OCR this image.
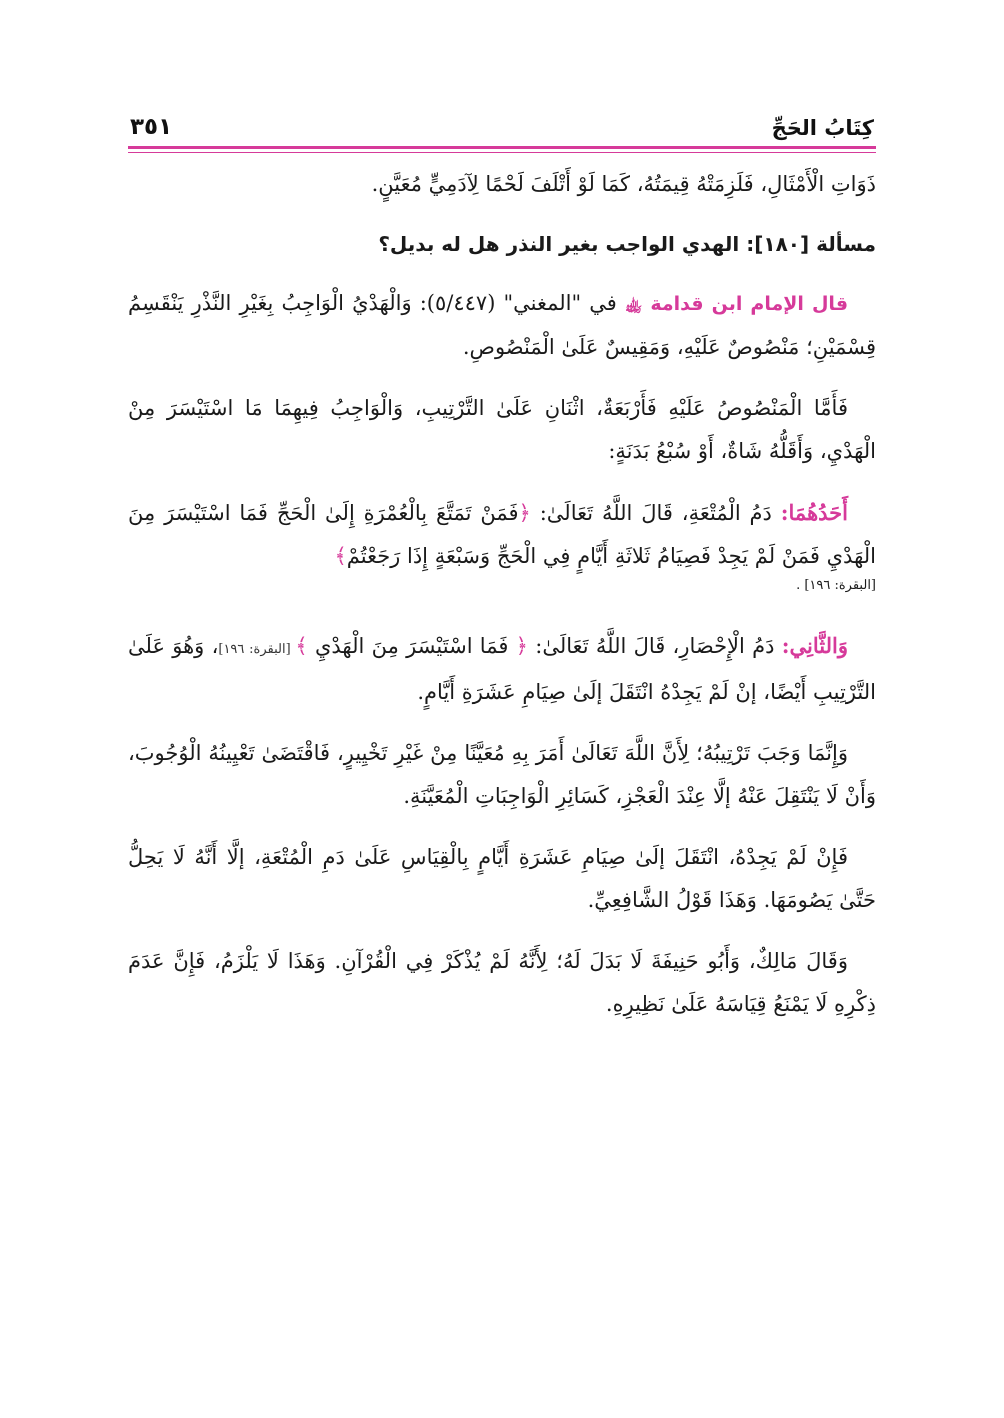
كِتَابُ الحَجِّ
٣٥١

ذَوَاتِ الْأَمْثَالِ، فَلَزِمَتْهُ قِيمَتُهُ، كَمَا لَوْ أَتْلَفَ لَحْمًا لِآدَمِيٍّ مُعَيَّنٍ.

مسألة [١٨٠]: الهدي الواجب بغير النذر هل له بديل؟

قال الإمام ابن قدامة ﵀ في "المغني" (٥/٤٤٧): وَالْهَدْيُ الْوَاجِبُ بِغَيْرِ النَّذْرِ يَنْقَسِمُ قِسْمَيْنِ؛ مَنْصُوصٌ عَلَيْهِ، وَمَقِيسٌ عَلَىٰ الْمَنْصُوصِ.

فَأَمَّا الْمَنْصُوصُ عَلَيْهِ فَأَرْبَعَةٌ، اثْنَانِ عَلَىٰ التَّرْتِيبِ، وَالْوَاجِبُ فِيهِمَا مَا اسْتَيْسَرَ مِنْ الْهَدْيِ، وَأَقَلُّهُ شَاةٌ، أَوْ سُبْعُ بَدَنَةٍ:

أَحَدُهُمَا: دَمُ الْمُتْعَةِ، قَالَ اللَّهُ تَعَالَىٰ: ﴿فَمَنْ تَمَتَّعَ بِالْعُمْرَةِ إِلَىٰ الْحَجِّ فَمَا اسْتَيْسَرَ مِنَ الْهَدْيِ فَمَنْ لَمْ يَجِدْ فَصِيَامُ ثَلاثَةِ أَيَّامٍ فِي الْحَجِّ وَسَبْعَةٍ إِذَا رَجَعْتُمْ﴾

[البقرة: ١٩٦] .

وَالثَّانِي: دَمُ الْإِحْصَارِ، قَالَ اللَّهُ تَعَالَىٰ: ﴿ فَمَا اسْتَيْسَرَ مِنَ الْهَدْيِ ﴾ [البقرة: ١٩٦]، وَهُوَ عَلَىٰ التَّرْتِيبِ أَيْضًا، إنْ لَمْ يَجِدْهُ انْتَقَلَ إلَىٰ صِيَامِ عَشَرَةِ أَيَّامٍ.

وَإِنَّمَا وَجَبَ تَرْتِيبُهُ؛ لِأَنَّ اللَّهَ تَعَالَىٰ أَمَرَ بِهِ مُعَيَّنًا مِنْ غَيْرِ تَخْيِيرٍ، فَاقْتَضَىٰ تَعْيِينُهُ الْوُجُوبَ، وَأَنْ لَا يَنْتَقِلَ عَنْهُ إلَّا عِنْدَ الْعَجْزِ، كَسَائِرِ الْوَاجِبَاتِ الْمُعَيَّنَةِ.

فَإِنْ لَمْ يَجِدْهُ، انْتَقَلَ إلَىٰ صِيَامِ عَشَرَةِ أَيَّامٍ بِالْقِيَاسِ عَلَىٰ دَمِ الْمُتْعَةِ، إلَّا أَنَّهُ لَا يَحِلُّ حَتَّىٰ يَصُومَهَا. وَهَذَا قَوْلُ الشَّافِعِيِّ.

وَقَالَ مَالِكٌ، وَأَبُو حَنِيفَةَ لَا بَدَلَ لَهُ؛ لِأَنَّهُ لَمْ يُذْكَرْ فِي الْقُرْآنِ. وَهَذَا لَا يَلْزَمُ، فَإِنَّ عَدَمَ ذِكْرِهِ لَا يَمْنَعُ قِيَاسَهُ عَلَىٰ نَظِيرِهِ.
